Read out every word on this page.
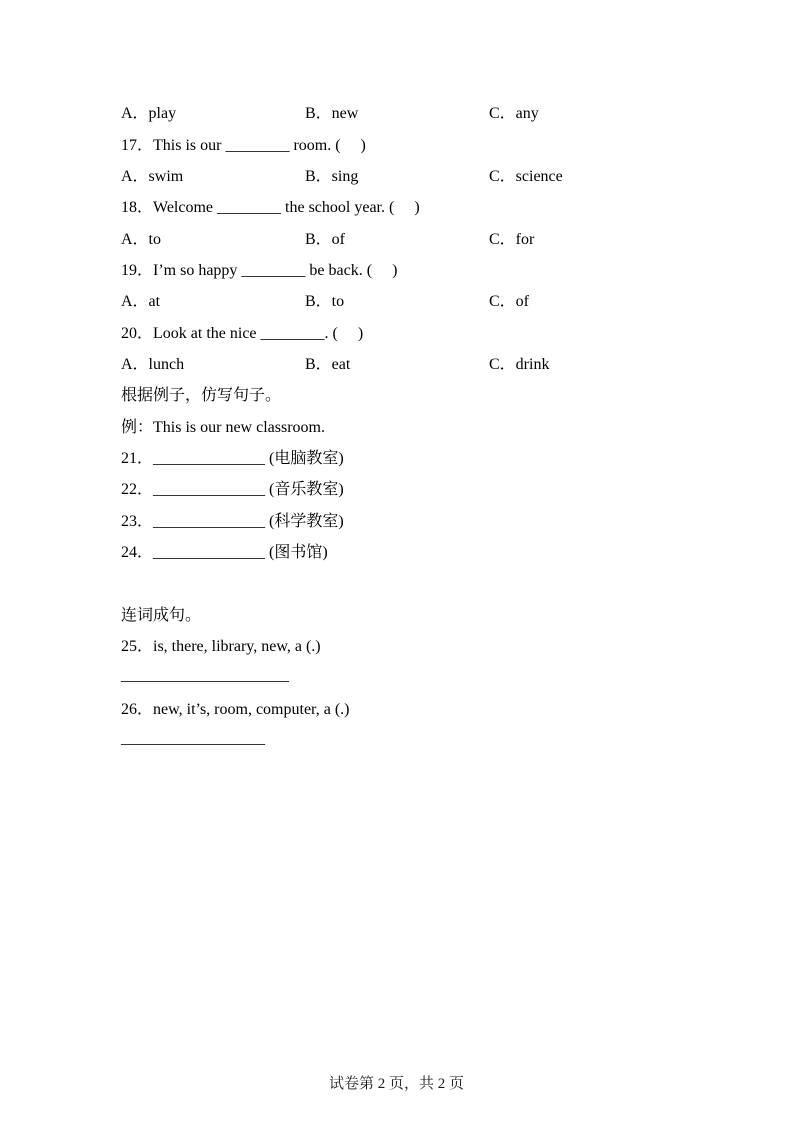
A．play	B．new	C．any
17．This is our ________ room. (     )
A．swim	B．sing	C．science
18．Welcome ________ the school year. (     )
A．to	B．of	C．for
19．I’m so happy ________ be back. (     )
A．at	B．to	C．of
20．Look at the nice ________. (     )
A．lunch	B．eat	C．drink
根据例子，仿写句子。
例：This is our new classroom.
21．______________ (电脑教室)
22．______________ (音乐教室)
23．______________ (科学教室)
24．______________ (图书馆)
连词成句。
25．is, there, library, new, a (.)
_____________________
26．new, it’s, room, computer, a (.)
__________________
试卷第 2 页，共 2 页
